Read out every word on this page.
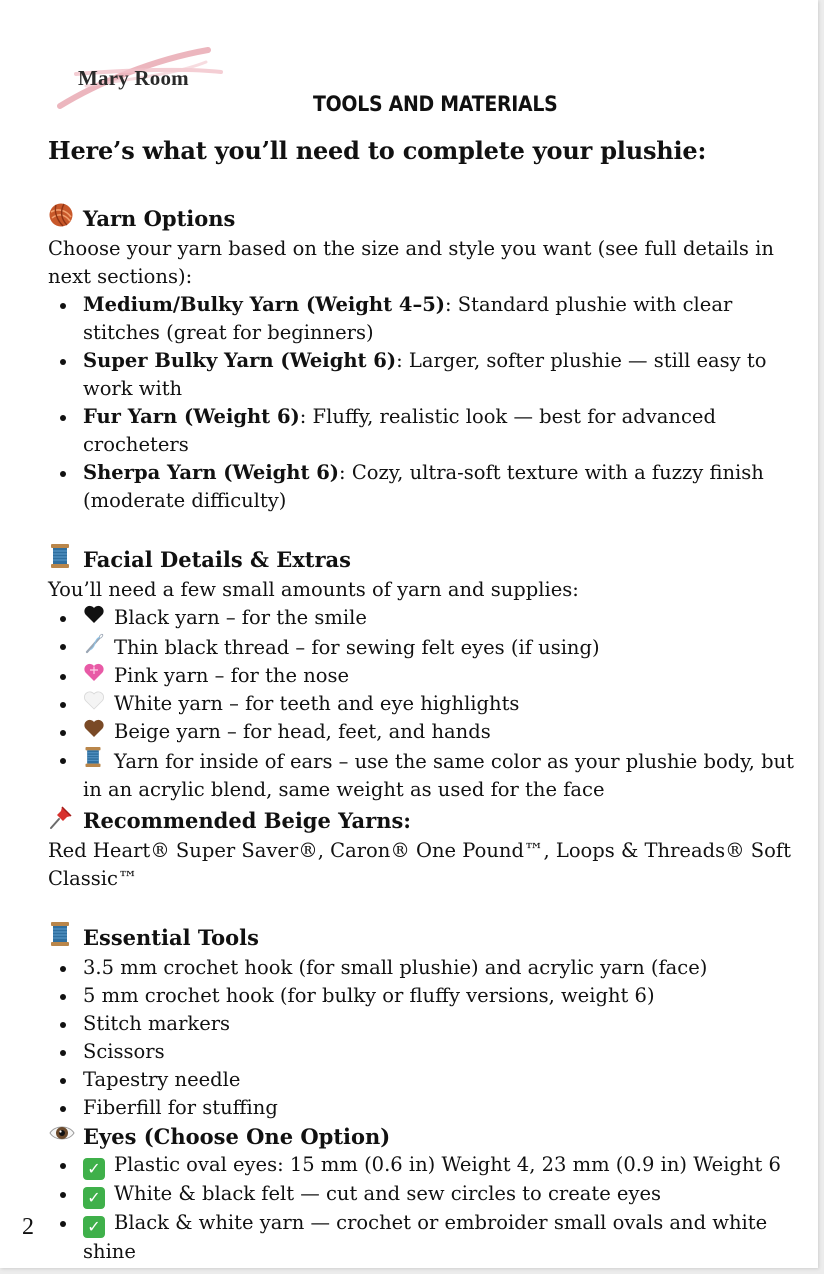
Mary Room
TOOLS AND MATERIALS

Here’s what you’ll need to complete your plushie:

Yarn Options

Choose your yarn based on the size and style you want (see full details in next sections):

Medium/Bulky Yarn (Weight 4–5): Standard plushie with clear stitches (great for beginners)
Super Bulky Yarn (Weight 6): Larger, softer plushie — still easy to work with
Fur Yarn (Weight 6): Fluffy, realistic look — best for advanced crocheters
Sherpa Yarn (Weight 6): Cozy, ultra-soft texture with a fuzzy finish (moderate difficulty)
Facial Details & Extras

You’ll need a few small amounts of yarn and supplies:

Black yarn – for the smile
Thin black thread – for sewing felt eyes (if using)
Pink yarn – for the nose
White yarn – for teeth and eye highlights
Beige yarn – for head, feet, and hands
Yarn for inside of ears – use the same color as your plushie body, but in an acrylic blend, same weight as used for the face
Recommended Beige Yarns:

Red Heart® Super Saver®, Caron® One Pound™, Loops & Threads® Soft Classic™

Essential Tools
3.5 mm crochet hook (for small plushie) and acrylic yarn (face)
5 mm crochet hook (for bulky or fluffy versions, weight 6)
Stitch markers
Scissors
Tapestry needle
Fiberfill for stuffing
Eyes (Choose One Option)
✓ Plastic oval eyes: 15 mm (0.6 in) Weight 4, 23 mm (0.9 in) Weight 6
✓ White & black felt — cut and sew circles to create eyes
✓ Black & white yarn — crochet or embroider small ovals and white shine
2
